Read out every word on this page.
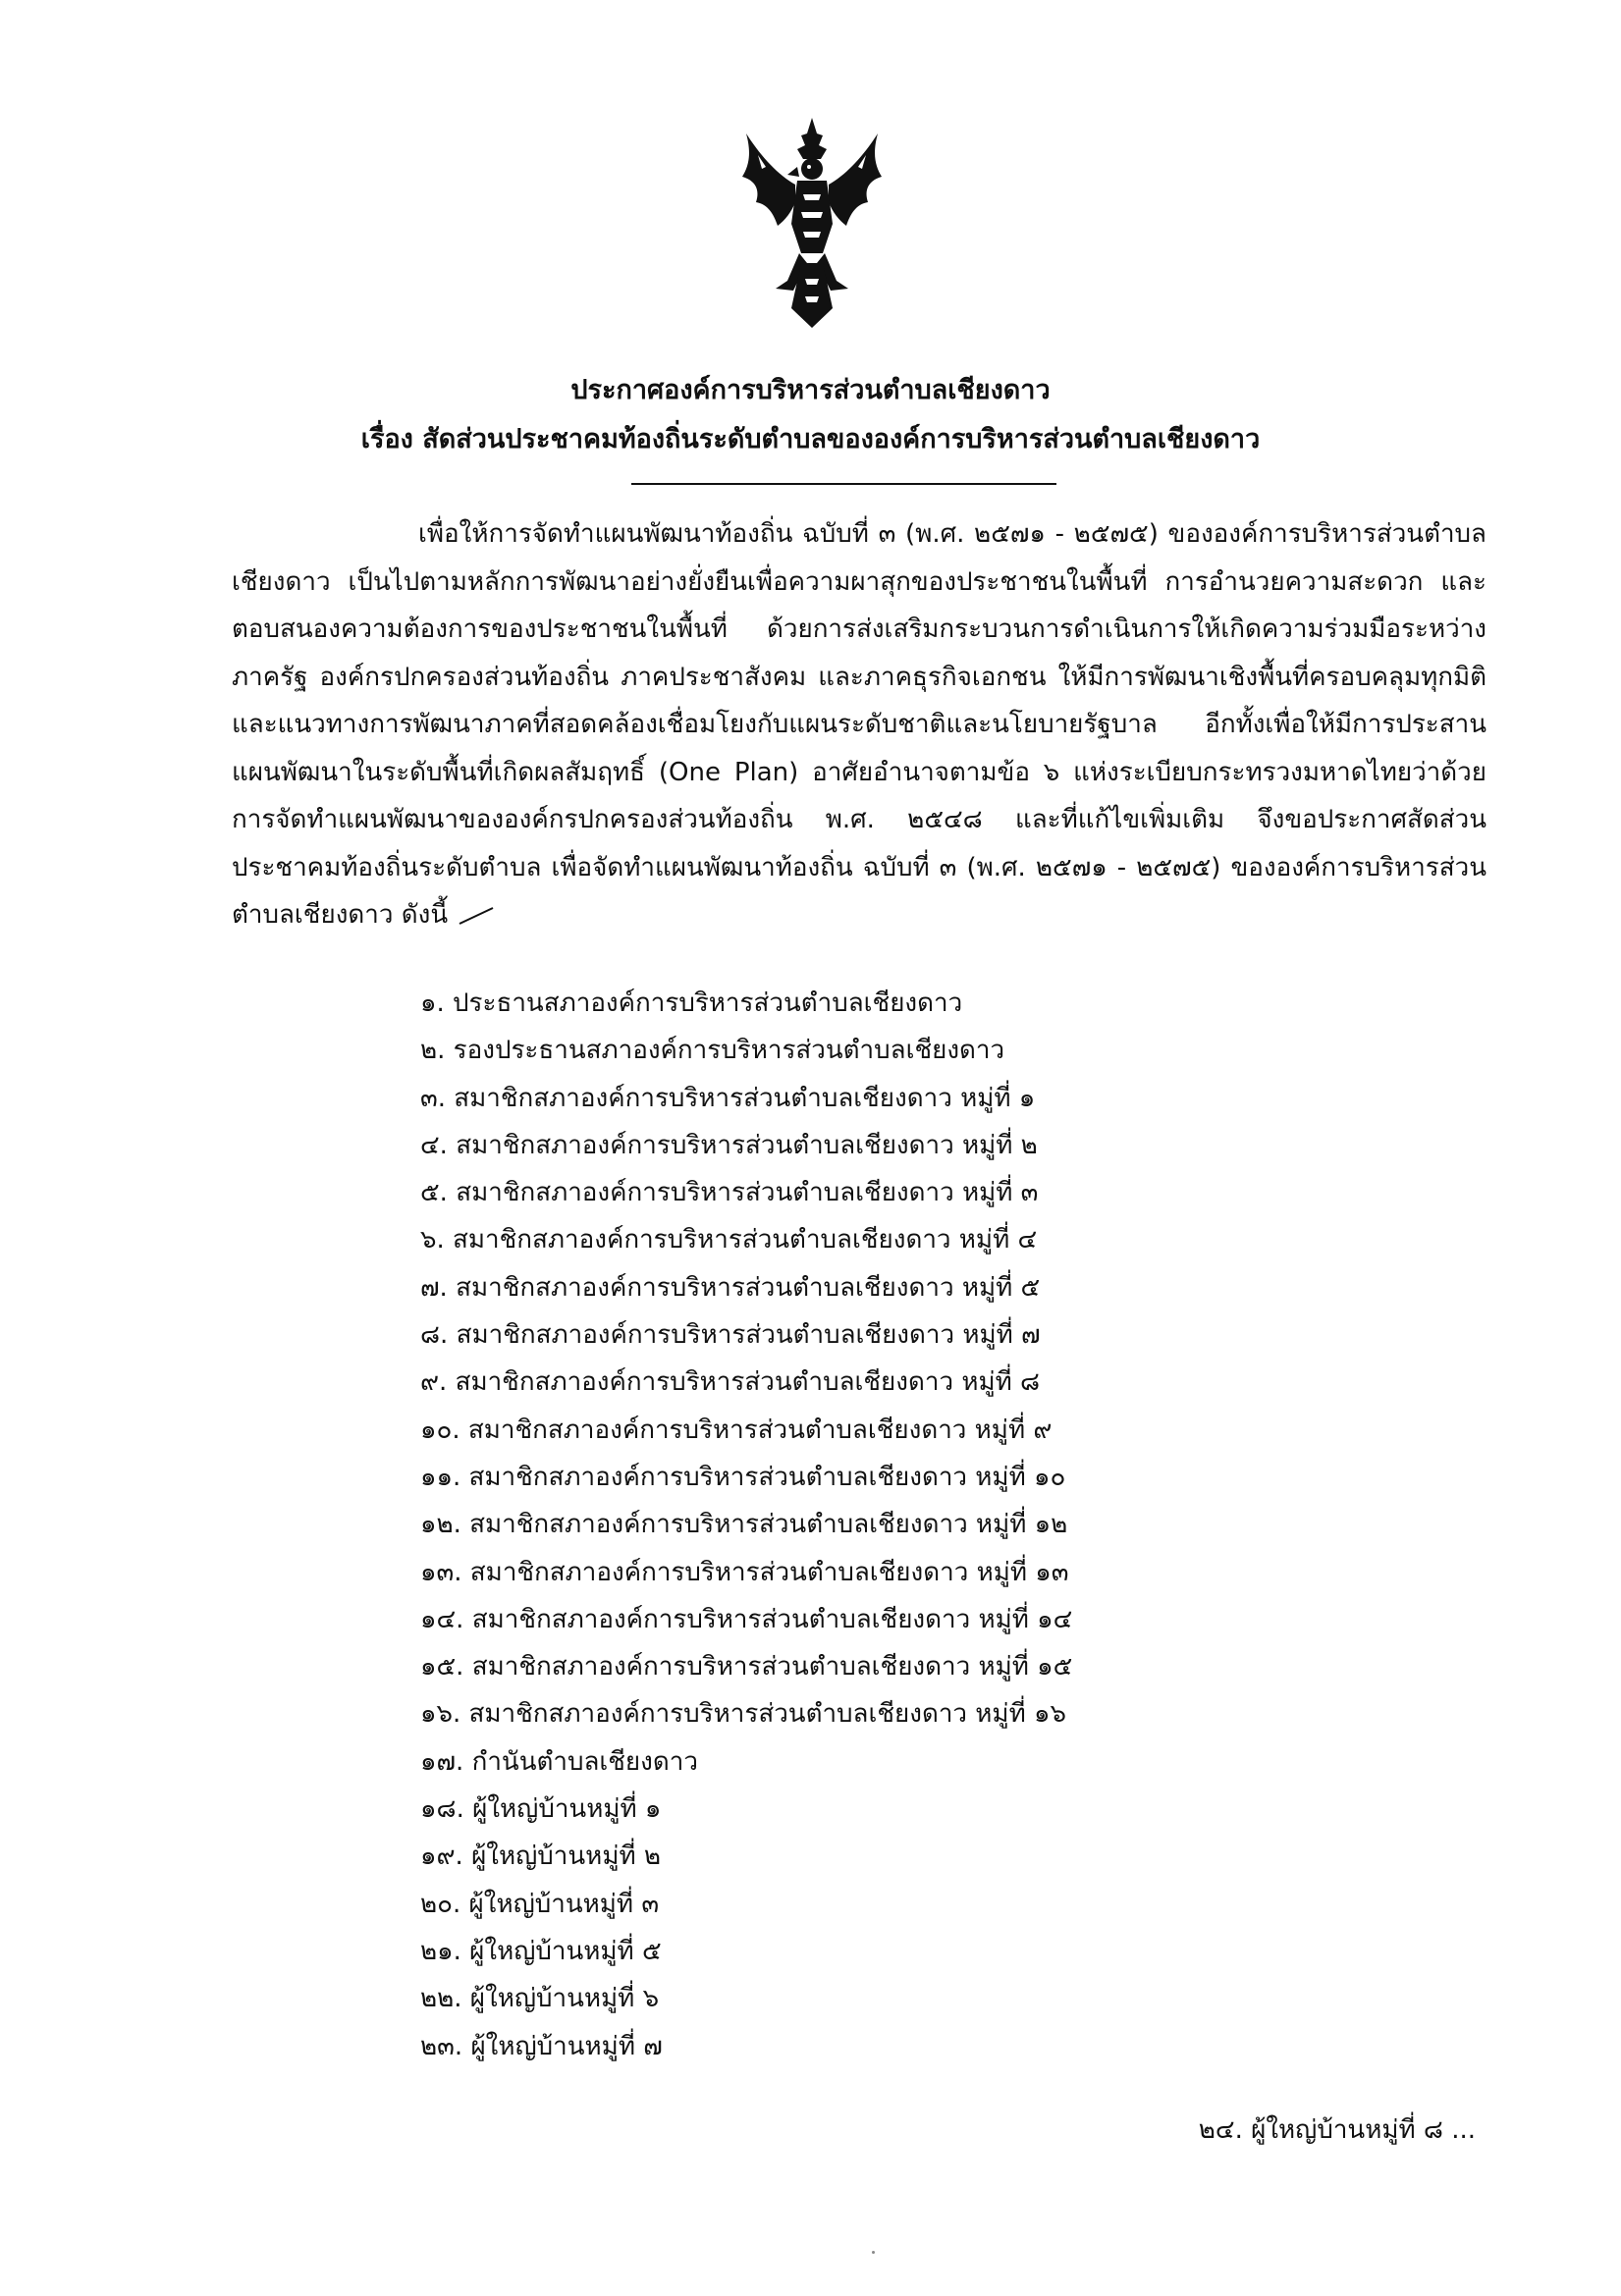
ประกาศองค์การบริหารส่วนตำบลเชียงดาว
เรื่อง สัดส่วนประชาคมท้องถิ่นระดับตำบลขององค์การบริหารส่วนตำบลเชียงดาว

เพื่อให้การจัดทำแผนพัฒนาท้องถิ่น ฉบับที่ ๓ (พ.ศ. ๒๕๗๑ - ๒๕๗๕) ขององค์การบริหารส่วนตำบลเชียงดาว เป็นไปตามหลักการพัฒนาอย่างยั่งยืนเพื่อความผาสุกของประชาชนในพื้นที่ การอำนวยความสะดวก และตอบสนองความต้องการของประชาชนในพื้นที่ ด้วยการส่งเสริมกระบวนการดำเนินการให้เกิดความร่วมมือระหว่างภาครัฐ องค์กรปกครองส่วนท้องถิ่น ภาคประชาสังคม และภาคธุรกิจเอกชน ให้มีการพัฒนาเชิงพื้นที่ครอบคลุมทุกมิติ และแนวทางการพัฒนาภาคที่สอดคล้องเชื่อมโยงกับแผนระดับชาติและนโยบายรัฐบาล อีกทั้งเพื่อให้มีการประสานแผนพัฒนาในระดับพื้นที่เกิดผลสัมฤทธิ์ (One Plan) อาศัยอำนาจตามข้อ ๖ แห่งระเบียบกระทรวงมหาดไทยว่าด้วยการจัดทำแผนพัฒนาขององค์กรปกครองส่วนท้องถิ่น พ.ศ. ๒๕๔๘ และที่แก้ไขเพิ่มเติม จึงขอประกาศสัดส่วนประชาคมท้องถิ่นระดับตำบล เพื่อจัดทำแผนพัฒนาท้องถิ่น ฉบับที่ ๓ (พ.ศ. ๒๕๗๑ - ๒๕๗๕) ขององค์การบริหารส่วนตำบลเชียงดาว ดังนี้

๑. ประธานสภาองค์การบริหารส่วนตำบลเชียงดาว
๒. รองประธานสภาองค์การบริหารส่วนตำบลเชียงดาว
๓. สมาชิกสภาองค์การบริหารส่วนตำบลเชียงดาว หมู่ที่ ๑
๔. สมาชิกสภาองค์การบริหารส่วนตำบลเชียงดาว หมู่ที่ ๒
๕. สมาชิกสภาองค์การบริหารส่วนตำบลเชียงดาว หมู่ที่ ๓
๖. สมาชิกสภาองค์การบริหารส่วนตำบลเชียงดาว หมู่ที่ ๔
๗. สมาชิกสภาองค์การบริหารส่วนตำบลเชียงดาว หมู่ที่ ๕
๘. สมาชิกสภาองค์การบริหารส่วนตำบลเชียงดาว หมู่ที่ ๗
๙. สมาชิกสภาองค์การบริหารส่วนตำบลเชียงดาว หมู่ที่ ๘
๑๐. สมาชิกสภาองค์การบริหารส่วนตำบลเชียงดาว หมู่ที่ ๙
๑๑. สมาชิกสภาองค์การบริหารส่วนตำบลเชียงดาว หมู่ที่ ๑๐
๑๒. สมาชิกสภาองค์การบริหารส่วนตำบลเชียงดาว หมู่ที่ ๑๒
๑๓. สมาชิกสภาองค์การบริหารส่วนตำบลเชียงดาว หมู่ที่ ๑๓
๑๔. สมาชิกสภาองค์การบริหารส่วนตำบลเชียงดาว หมู่ที่ ๑๔
๑๕. สมาชิกสภาองค์การบริหารส่วนตำบลเชียงดาว หมู่ที่ ๑๕
๑๖. สมาชิกสภาองค์การบริหารส่วนตำบลเชียงดาว หมู่ที่ ๑๖
๑๗. กำนันตำบลเชียงดาว
๑๘. ผู้ใหญ่บ้านหมู่ที่ ๑
๑๙. ผู้ใหญ่บ้านหมู่ที่ ๒
๒๐. ผู้ใหญ่บ้านหมู่ที่ ๓
๒๑. ผู้ใหญ่บ้านหมู่ที่ ๕
๒๒. ผู้ใหญ่บ้านหมู่ที่ ๖
๒๓. ผู้ใหญ่บ้านหมู่ที่ ๗
๒๔. ผู้ใหญ่บ้านหมู่ที่ ๘ ...
